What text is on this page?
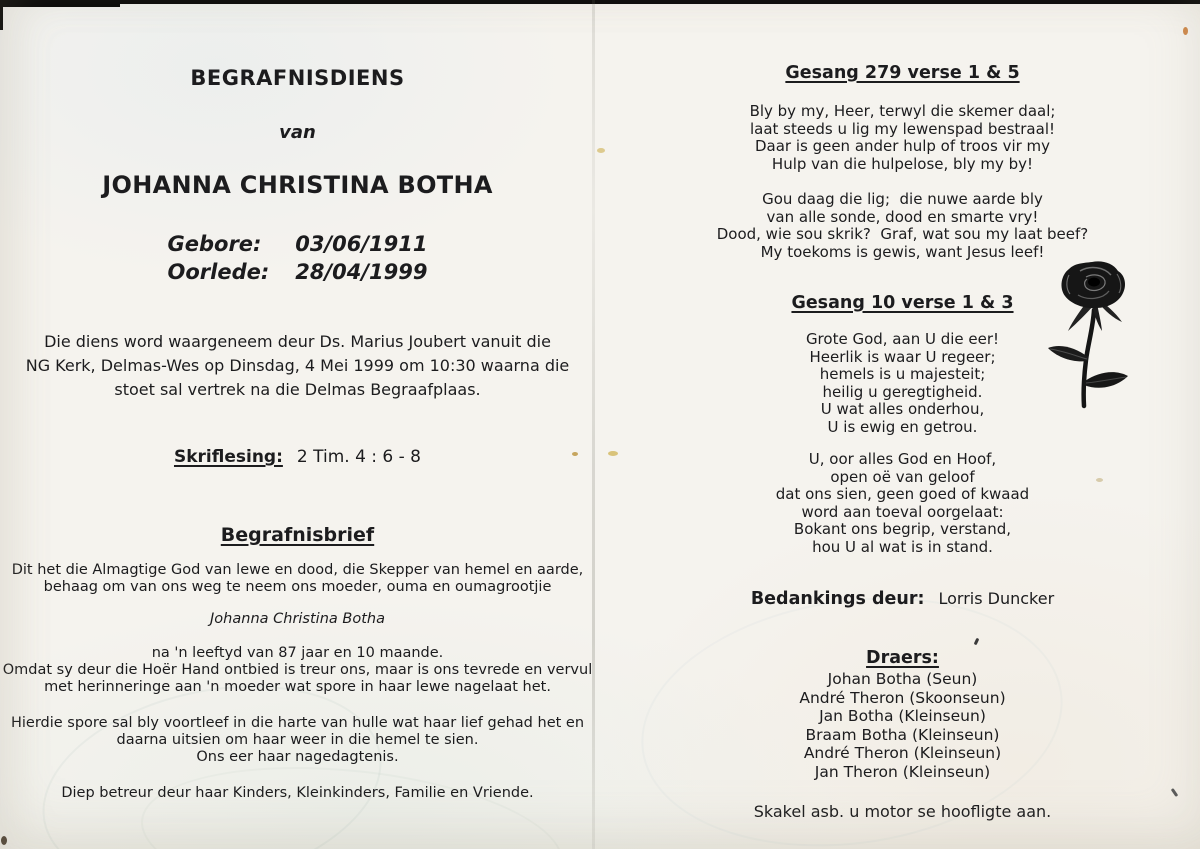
BEGRAFNISDIENS
van
JOHANNA CHRISTINA BOTHA
Gebore:	03/06/1911
Oorlede: 28/04/1999
Die diens word waargeneem deur Ds. Marius Joubert vanuit die
NG Kerk, Delmas-Wes op Dinsdag, 4 Mei 1999 om 10:30 waarna die
stoet sal vertrek na die Delmas Begraafplaas.
Skriflesing: 2 Tim. 4 : 6 - 8
Begrafnisbrief
Dit het die Almagtige God van lewe en dood, die Skepper van hemel en aarde,
behaag om van ons weg te neem ons moeder, ouma en oumagrootjie
Johanna Christina Botha
na 'n leeftyd van 87 jaar en 10 maande.
Omdat sy deur die Hoër Hand ontbied is treur ons, maar is ons tevrede en vervul
met herinneringe aan 'n moeder wat spore in haar lewe nagelaat het.
Hierdie spore sal bly voortleef in die harte van hulle wat haar lief gehad het en
daarna uitsien om haar weer in die hemel te sien.
Ons eer haar nagedagtenis.
Diep betreur deur haar Kinders, Kleinkinders, Familie en Vriende.
Gesang 279 verse 1 & 5
Bly by my, Heer, terwyl die skemer daal;
laat steeds u lig my lewenspad bestraal!
Daar is geen ander hulp of troos vir my
Hulp van die hulpelose, bly my by!
Gou daag die lig;  die nuwe aarde bly
van alle sonde, dood en smarte vry!
Dood, wie sou skrik?  Graf, wat sou my laat beef?
My toekoms is gewis, want Jesus leef!
Gesang 10 verse 1 & 3
Grote God, aan U die eer!
Heerlik is waar U regeer;
hemels is u majesteit;
heilig u geregtigheid.
U wat alles onderhou,
U is ewig en getrou.
U, oor alles God en Hoof,
open oë van geloof
dat ons sien, geen goed of kwaad
word aan toeval oorgelaat:
Bokant ons begrip, verstand,
hou U al wat is in stand.
Bedankings deur: Lorris Duncker
Draers:
Johan Botha (Seun)
André Theron (Skoonseun)
Jan Botha (Kleinseun)
Braam Botha (Kleinseun)
André Theron (Kleinseun)
Jan Theron (Kleinseun)
Skakel asb. u motor se hoofligte aan.
